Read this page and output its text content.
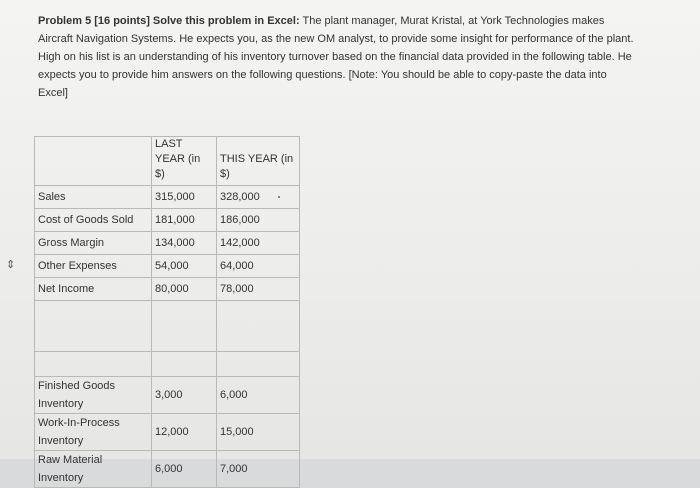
Problem 5 [16 points] Solve this problem in Excel: The plant manager, Murat Kristal, at York Technologies makes Aircraft Navigation Systems. He expects you, as the new OM analyst, to provide some insight for performance of the plant. High on his list is an understanding of his inventory turnover based on the financial data provided in the following table. He expects you to provide him answers on the following questions. [Note: You should be able to copy-paste the data into Excel]
⇕
	LAST YEAR (in $)	THIS YEAR (in $)
Sales	315,000	328,000
Cost of Goods Sold	181,000	186,000
Gross Margin	134,000	142,000
Other Expenses	54,000	64,000
Net Income	80,000	78,000

Finished Goods Inventory	3,000	6,000
Work-In-Process Inventory	12,000	15,000
Raw Material Inventory	6,000	7,000
